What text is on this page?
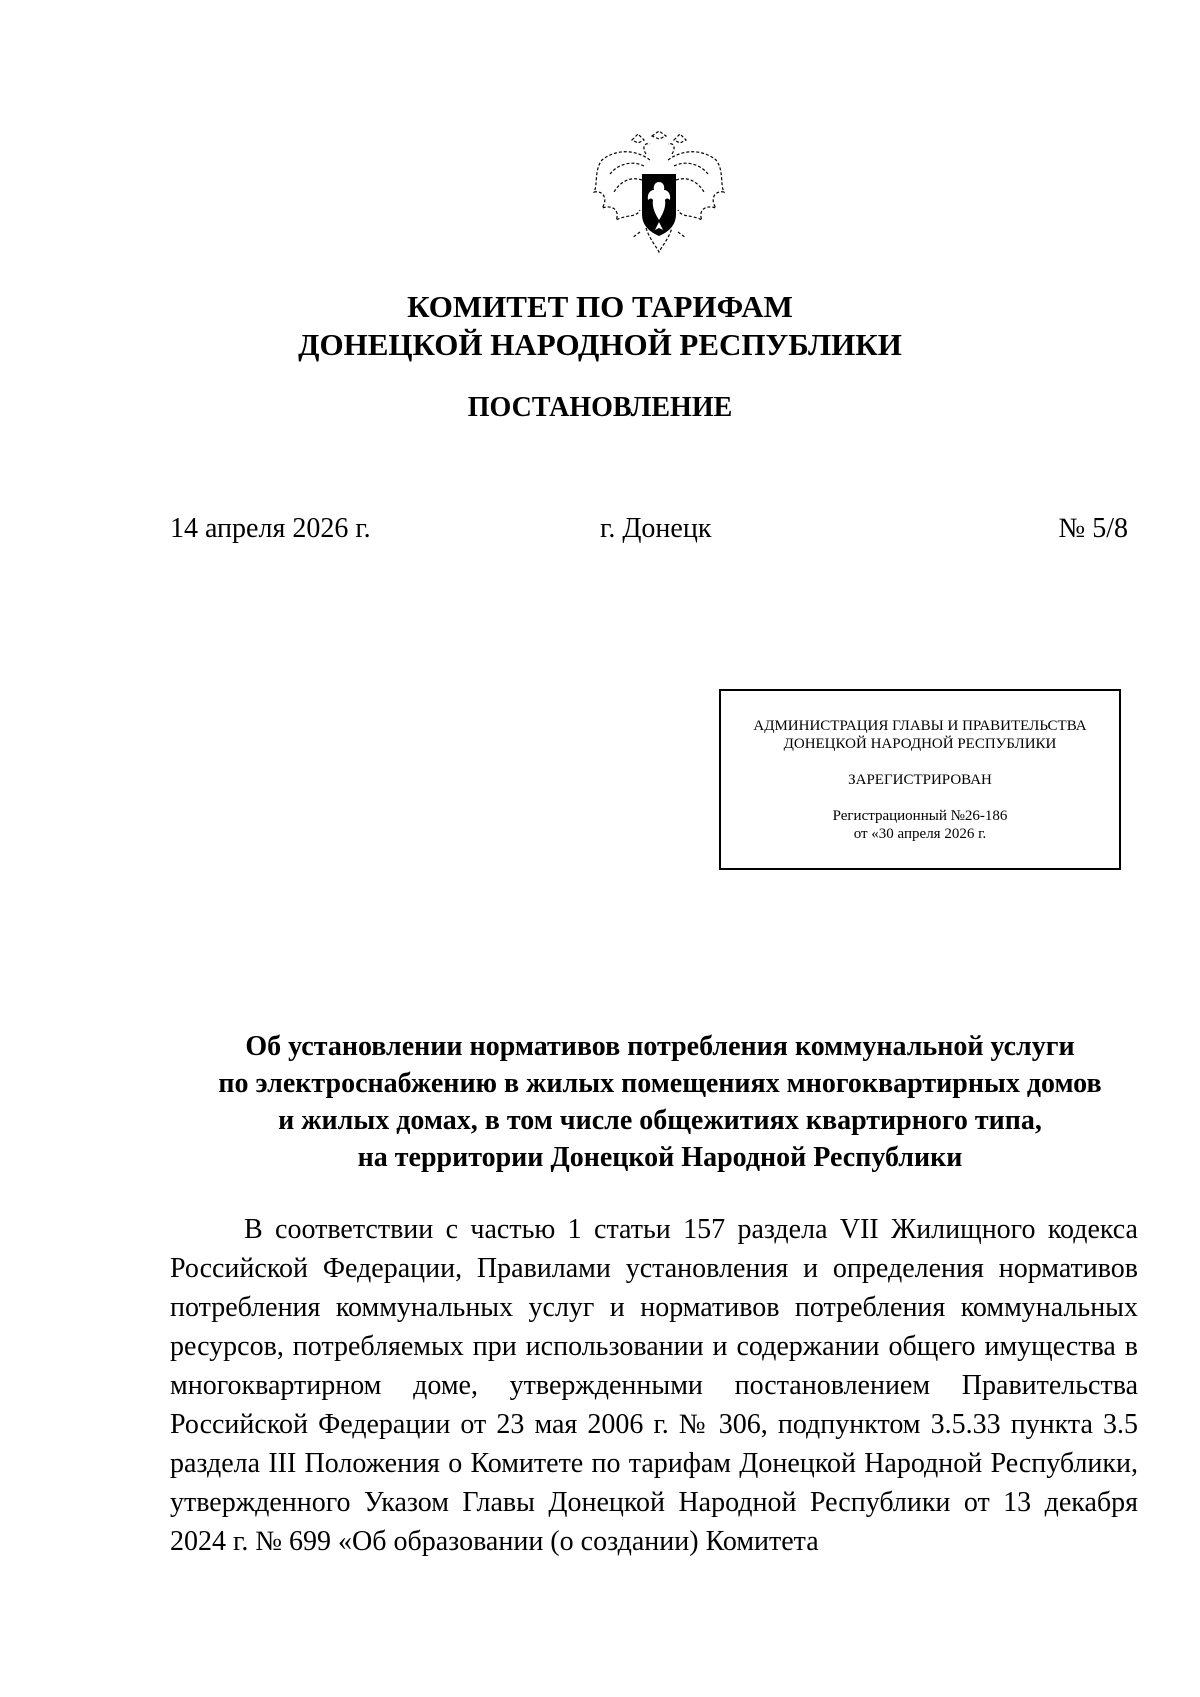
КОМИТЕТ ПО ТАРИФАМ
ДОНЕЦКОЙ НАРОДНОЙ РЕСПУБЛИКИ
ПОСТАНОВЛЕНИЕ
14 апреля 2026 г.	г. Донецк	№ 5/8
АДМИНИСТРАЦИЯ ГЛАВЫ И ПРАВИТЕЛЬСТВА
ДОНЕЦКОЙ НАРОДНОЙ РЕСПУБЛИКИ
ЗАРЕГИСТРИРОВАН
Регистрационный №26-186
от «30 апреля 2026 г.
Об установлении нормативов потребления коммунальной услуги
по электроснабжению в жилых помещениях многоквартирных домов
и жилых домах, в том числе общежитиях квартирного типа,
на территории Донецкой Народной Республики
В соответствии с частью 1 статьи 157 раздела VII Жилищного кодекса Российской Федерации, Правилами установления и определения нормативов потребления коммунальных услуг и нормативов потребления коммунальных ресурсов, потребляемых при использовании и содержании общего имущества в многоквартирном доме, утвержденными постановлением Правительства Российской Федерации от 23 мая 2006 г. № 306, подпунктом 3.5.33 пункта 3.5 раздела III Положения о Комитете по тарифам Донецкой Народной Республики, утвержденного Указом Главы Донецкой Народной Республики от 13 декабря 2024 г. № 699 «Об образовании (о создании) Комитета
